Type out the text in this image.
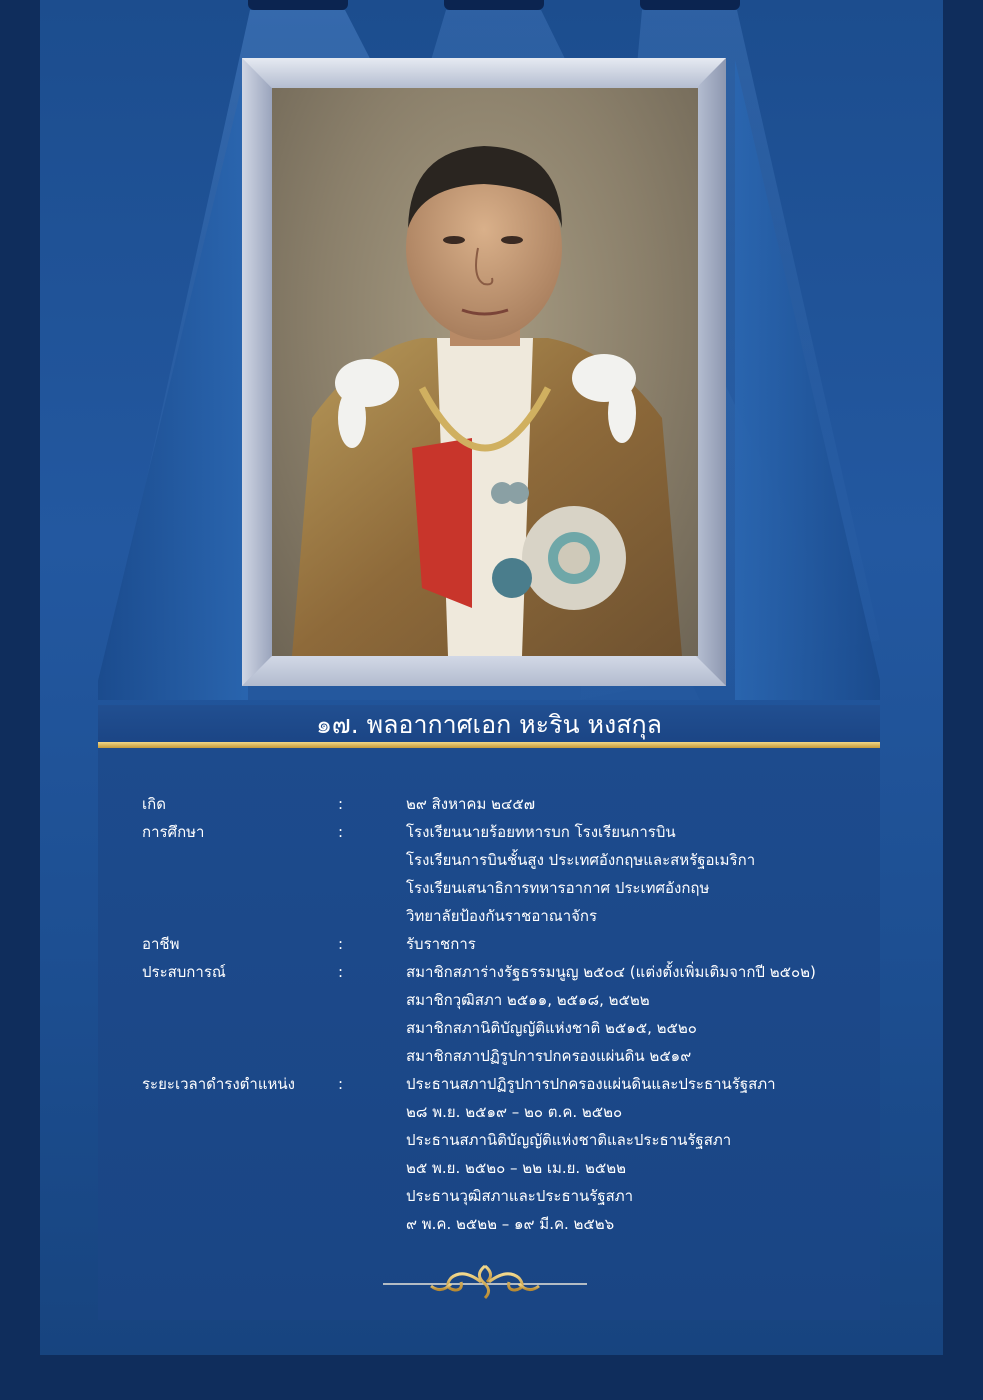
๑๗. พลอากาศเอก หะริน หงสกุล
เกิด	:	๒๙ สิงหาคม ๒๔๕๗
การศึกษา	:	โรงเรียนนายร้อยทหารบก โรงเรียนการบิน
โรงเรียนการบินชั้นสูง ประเทศอังกฤษและสหรัฐอเมริกา
โรงเรียนเสนาธิการทหารอากาศ ประเทศอังกฤษ
วิทยาลัยป้องกันราชอาณาจักร
อาชีพ	:	รับราชการ
ประสบการณ์	:	สมาชิกสภาร่างรัฐธรรมนูญ ๒๕๐๔ (แต่งตั้งเพิ่มเติมจากปี ๒๕๐๒)
สมาชิกวุฒิสภา ๒๕๑๑, ๒๕๑๘, ๒๕๒๒
สมาชิกสภานิติบัญญัติแห่งชาติ ๒๕๑๕, ๒๕๒๐
สมาชิกสภาปฏิรูปการปกครองแผ่นดิน ๒๕๑๙
ระยะเวลาดำรงตำแหน่ง	:	ประธานสภาปฏิรูปการปกครองแผ่นดินและประธานรัฐสภา
๒๘ พ.ย. ๒๕๑๙ – ๒๐ ต.ค. ๒๕๒๐
ประธานสภานิติบัญญัติแห่งชาติและประธานรัฐสภา
๒๕ พ.ย. ๒๕๒๐ – ๒๒ เม.ย. ๒๕๒๒
ประธานวุฒิสภาและประธานรัฐสภา
๙ พ.ค. ๒๕๒๒ – ๑๙ มี.ค. ๒๕๒๖
